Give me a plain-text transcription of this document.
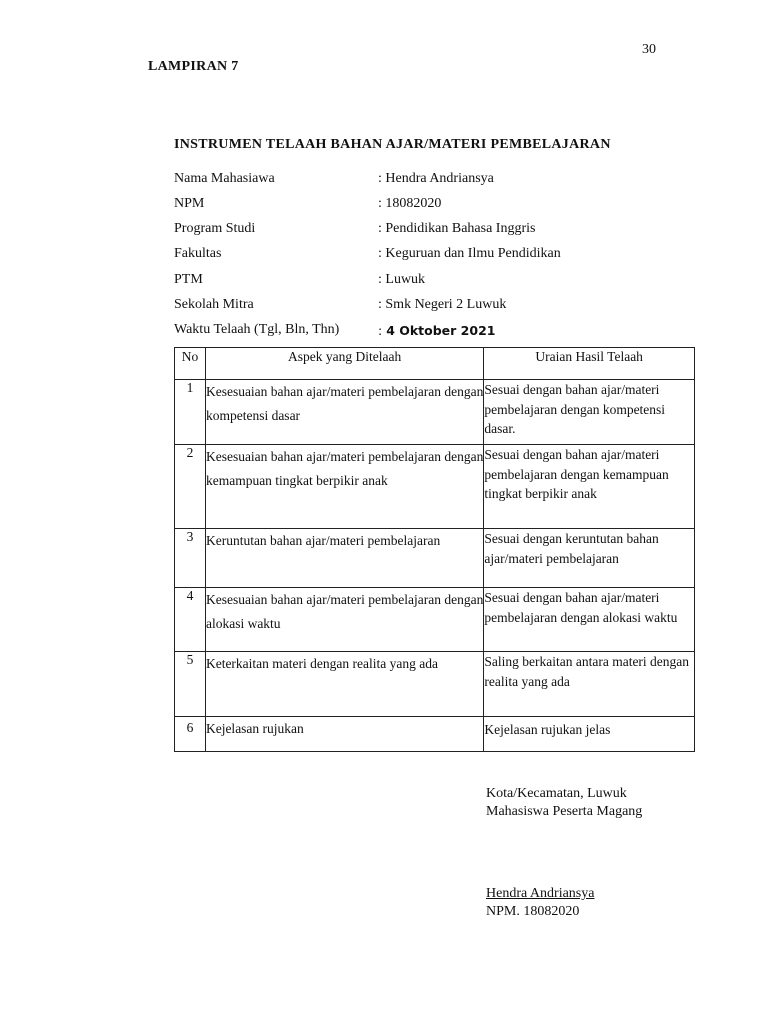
30
LAMPIRAN 7
INSTRUMEN TELAAH BAHAN AJAR/MATERI PEMBELAJARAN
Nama Mahasiawa	: Hendra Andriansya
NPM	: 18082020
Program Studi	: Pendidikan Bahasa Inggris
Fakultas	: Keguruan dan Ilmu Pendidikan
PTM	: Luwuk
Sekolah Mitra	: Smk Negeri 2 Luwuk
Waktu Telaah (Tgl, Bln, Thn)	: 4 Oktober 2021
No	Aspek yang Ditelaah	Uraian Hasil Telaah
1	Kesesuaian bahan ajar/materi pembelajaran dengan kompetensi dasar	Sesuai dengan bahan ajar/materi pembelajaran dengan kompetensi dasar.
2	Kesesuaian bahan ajar/materi pembelajaran dengan kemampuan tingkat berpikir anak	Sesuai dengan bahan ajar/materi pembelajaran dengan kemampuan tingkat berpikir anak
3	Keruntutan bahan ajar/materi pembelajaran	Sesuai dengan keruntutan bahan ajar/materi pembelajaran
4	Kesesuaian bahan ajar/materi pembelajaran dengan alokasi waktu	Sesuai dengan bahan ajar/materi pembelajaran dengan alokasi waktu
5	Keterkaitan materi dengan realita yang ada	Saling berkaitan antara materi dengan realita yang ada
6	Kejelasan rujukan	Kejelasan rujukan jelas
Kota/Kecamatan, Luwuk
Mahasiswa Peserta Magang
Hendra Andriansya
NPM. 18082020
